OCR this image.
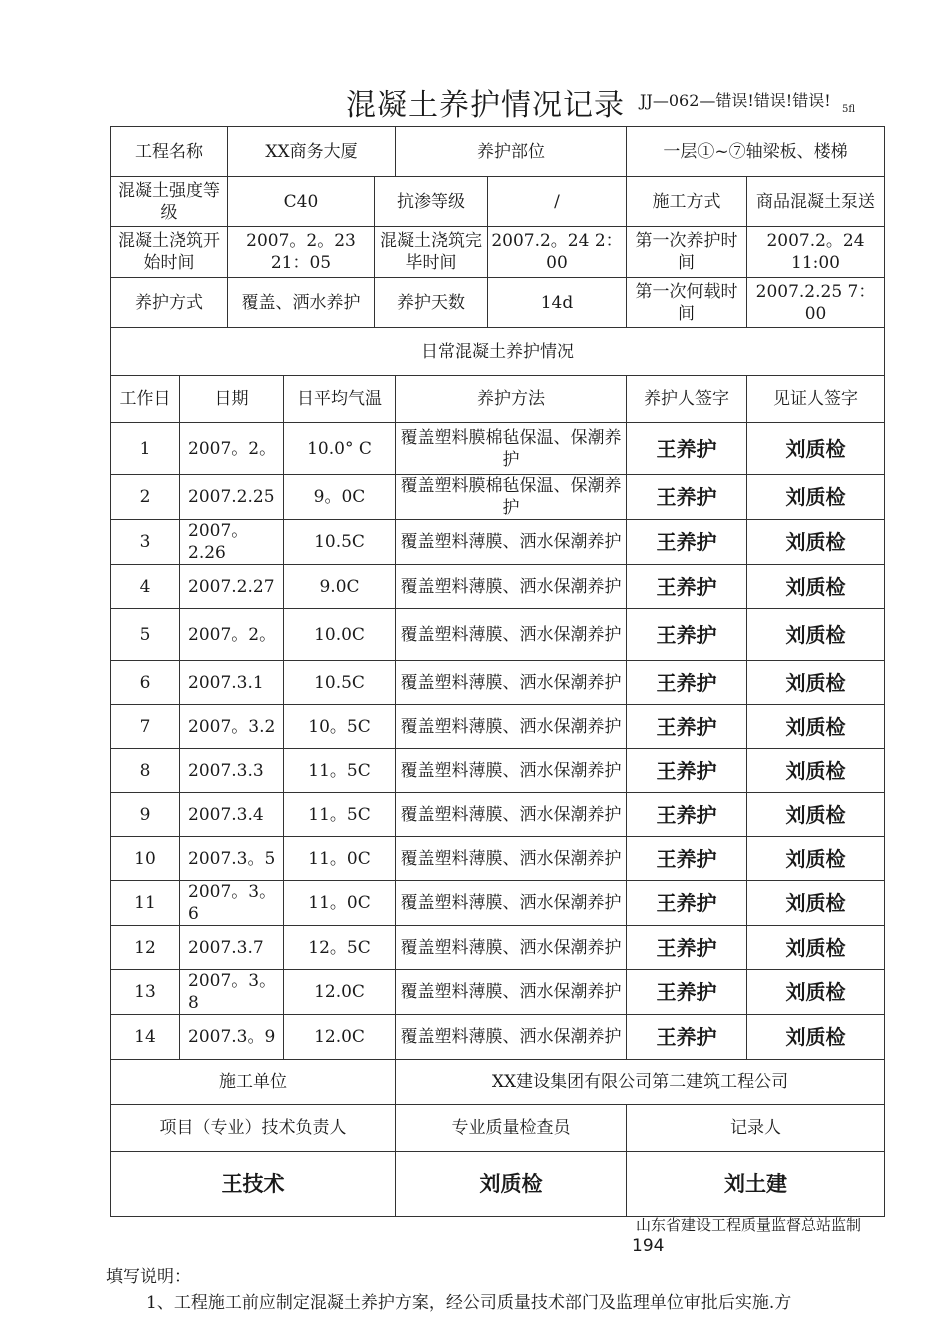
混凝土养护情况记录 JJ—062—错误!错误!错误! 5fl
工程名称		XX商务大厦			养护部位		一层①~⑦轴梁板、楼梯	
混凝土强度等级		C40		抗渗等级		/	施工方式	商品混凝土泵送
混凝土浇筑开始时间		2007。2。23 21：05		混凝土浇筑完毕时间		2007.2。24 2：00	第一次养护时间	2007.2。24 11:00
养护方式		覆盖、洒水养护		养护天数		14d	第一次何载时间	2007.2.25 7：00
日常混凝土养护情况								
工作日	日期		日平均气温		养护方法		养护人签字	见证人签字
1	2007。2。		10.0° C		覆盖塑料膜棉毡保温、保潮养护		王养护	刘质检
2	2007.2.25		9。0C		覆盖塑料膜棉毡保温、保潮养护		王养护	刘质检
3	2007。2.26		10.5C		覆盖塑料薄膜、洒水保潮养护		王养护	刘质检
4	2007.2.27		9.0C		覆盖塑料薄膜、洒水保潮养护		王养护	刘质检
5	2007。2。		10.0C		覆盖塑料薄膜、洒水保潮养护		王养护	刘质检
6	2007.3.1		10.5C		覆盖塑料薄膜、洒水保潮养护		王养护	刘质检
7	2007。3.2		10。5C		覆盖塑料薄膜、洒水保潮养护		王养护	刘质检
8	2007.3.3		11。5C		覆盖塑料薄膜、洒水保潮养护		王养护	刘质检
9	2007.3.4		11。5C		覆盖塑料薄膜、洒水保潮养护		王养护	刘质检
10	2007.3。5		11。0C		覆盖塑料薄膜、洒水保潮养护		王养护	刘质检
11	2007。3。6		11。0C		覆盖塑料薄膜、洒水保潮养护		王养护	刘质检
12	2007.3.7		12。5C		覆盖塑料薄膜、洒水保潮养护		王养护	刘质检
13	2007。3。8		12.0C		覆盖塑料薄膜、洒水保潮养护		王养护	刘质检
14	2007.3。9		12.0C		覆盖塑料薄膜、洒水保潮养护		王养护	刘质检
施工单位					XX建设集团有限公司第二建筑工程公司			
项目（专业）技术负责人					专业质量检查员		记录人	
王技术					刘质检		刘土建	
山东省建设工程质量监督总站监制
194
填写说明：
1、工程施工前应制定混凝土养护方案，经公司质量技术部门及监理单位审批后实施.方
